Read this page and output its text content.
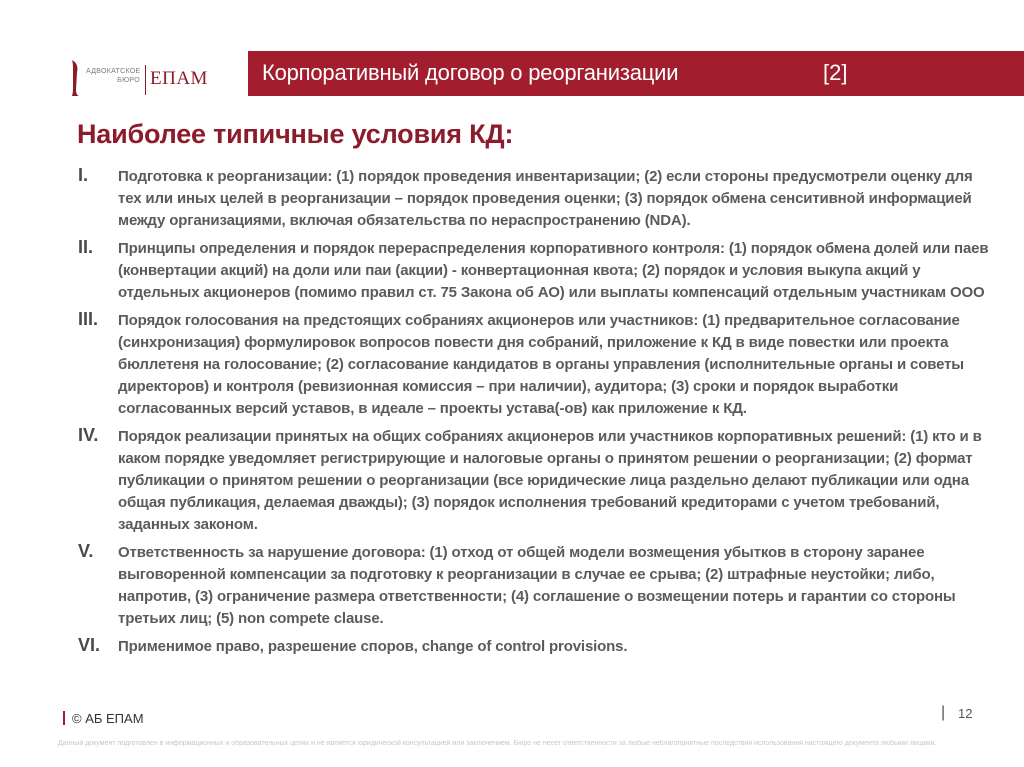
АДВОКАТСКОЕ
БЮРО ЕПАМ Корпоративный договор о реорганизации	[2]
Наиболее типичные условия КД:
I. Подготовка к реорганизации: (1) порядок проведения инвентаризации; (2) если стороны предусмотрели оценку для тех или иных целей в реорганизации – порядок проведения оценки; (3) порядок обмена сенситивной информацией между организациями, включая обязательства по нераспространению (NDA).
II. Принципы определения и порядок перераспределения корпоративного контроля: (1) порядок обмена долей или паев (конвертации акций) на доли или паи (акции) - конвертационная квота; (2) порядок и условия выкупа акций у отдельных акционеров (помимо правил ст. 75 Закона об АО) или выплаты компенсаций отдельным участникам ООО
III. Порядок голосования на предстоящих собраниях акционеров или участников: (1) предварительное согласование (синхронизация) формулировок вопросов повести дня собраний, приложение к КД в виде повестки или проекта бюллетеня на голосование; (2) согласование кандидатов в органы управления (исполнительные органы и советы директоров) и контроля (ревизионная комиссия – при наличии), аудитора; (3) сроки и порядок выработки согласованных версий уставов, в идеале – проекты устава(-ов) как приложение к КД.
IV. Порядок реализации принятых на общих собраниях акционеров или участников корпоративных решений: (1) кто и в каком порядке уведомляет регистрирующие и налоговые органы о принятом решении о реорганизации; (2) формат публикации о принятом решении о реорганизации (все юридические лица раздельно делают публикации или одна общая публикация, делаемая дважды); (3) порядок исполнения требований кредиторами с учетом требований, заданных законом.
V. Ответственность за нарушение договора: (1) отход от общей модели возмещения убытков в сторону заранее выговоренной компенсации за подготовку к реорганизации в случае ее срыва; (2) штрафные неустойки; либо, напротив, (3) ограничение размера ответственности; (4) соглашение о возмещении потерь и гарантии со стороны третьих лиц; (5) non compete clause.
VI. Применимое право, разрешение споров, change of control provisions.
© АБ ЕПАМ	| 12
Данный документ подготовлен в информационных и образовательных целях и не является юридической консультацией или заключением. Бюро не несет ответственности за любые неблагоприятные последствия использования настоящего документа любыми лицами.
